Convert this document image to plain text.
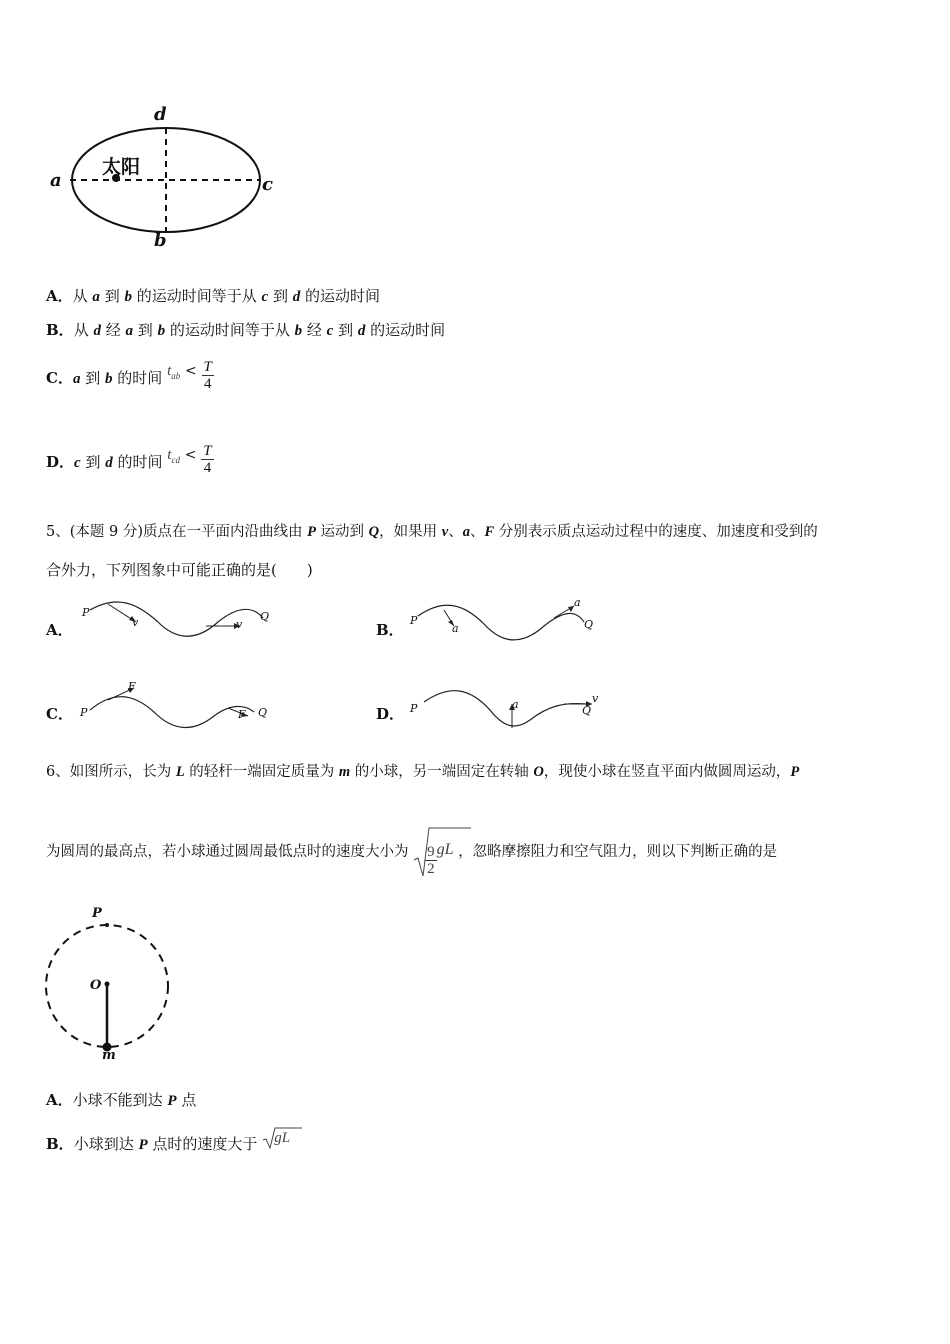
d
a	c
b
太阳
A．从 a 到 b 的运动时间等于从 c 到 d 的运动时间
B．从 d 经 a 到 b 的运动时间等于从 b 经 c 到 d 的运动时间
C．a 到 b 的时间 $t_{ab} < \frac{T}{4}$
D．c 到 d 的时间 $t_{cd} < \frac{T}{4}$
5、(本题 9 分)质点在一平面内沿曲线由 P 运动到 Q，如果用 v、a、F 分别表示质点运动过程中的速度、加速度和受到的
合外力，下列图象中可能正确的是(　　)
A．
P
v	v
Q
B．
P
a
a
Q
C． P
F
F Q	D． P	a	v
Q
6、如图所示，长为 L 的轻杆一端固定质量为 m 的小球，另一端固定在转轴 O，现使小球在竖直平面内做圆周运动，P
为圆周的最高点，若小球通过圆周最低点时的速度大小为 $\frac{9}{2}$ gL ，忽略摩擦阻力和空气阻力，则以下判断正确的是
P
O
m
A．小球不能到达 P 点
B．小球到达 P 点时的速度大于 gL
